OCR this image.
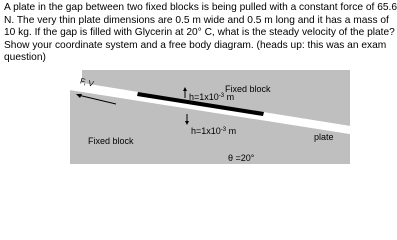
A plate in the gap between two fixed blocks is being pulled with a constant force of 65.6
N. The very thin plate dimensions are 0.5 m wide and 0.5 m long and it has a mass of
10 kg. If the gap is filled with Glycerin at 20° C, what is the steady velocity of the plate?
Show your coordinate system and a free body diagram. (heads up: this was an exam
question)
F, V
Fixed block
$h=1x10^{-3}$ m
$h=1x10^{-3}$ m
Fixed block	plate
θ =20°
